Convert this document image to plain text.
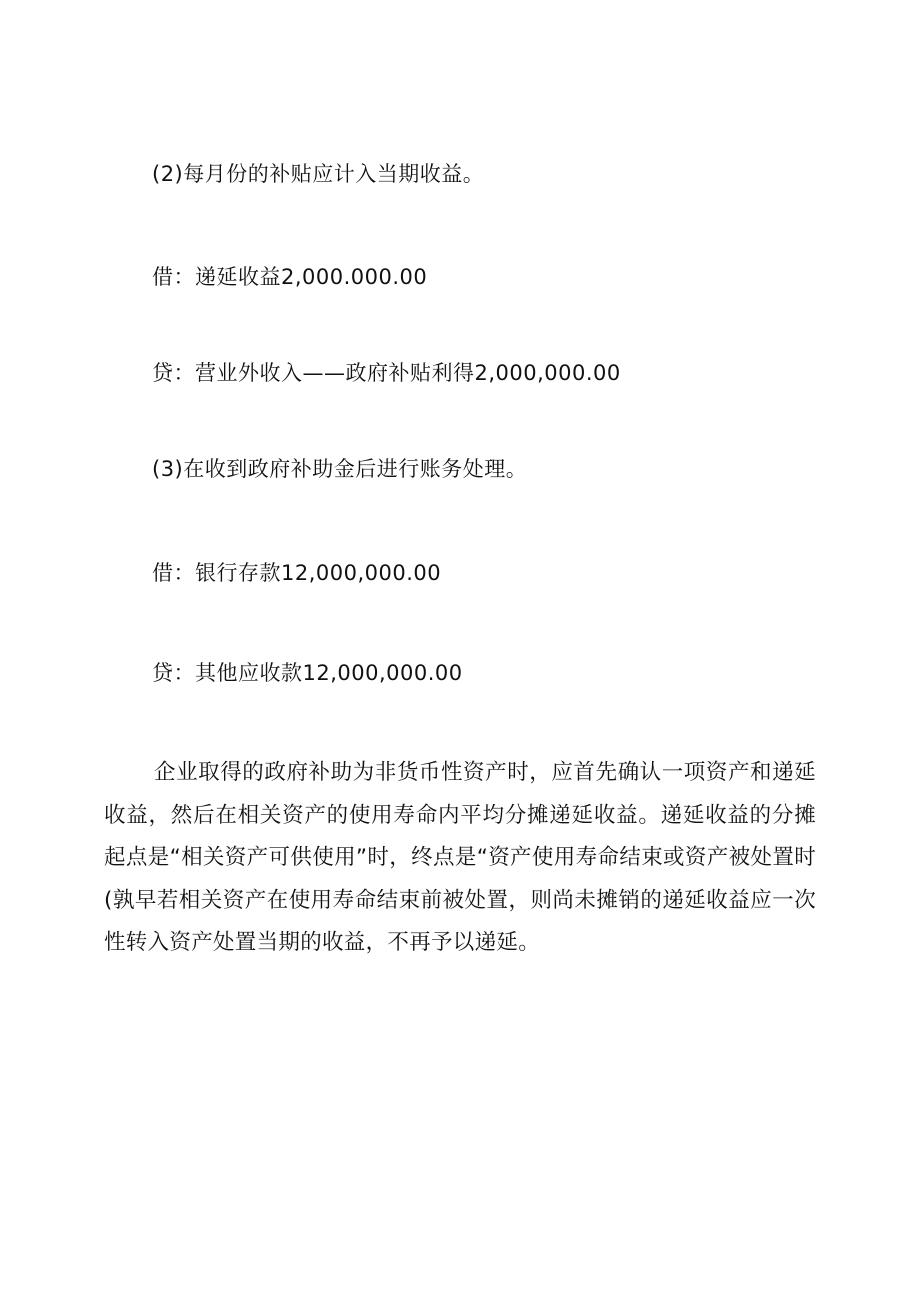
(2)每月份的补贴应计入当期收益。

借：递延收益2,000.000.00

贷：营业外收入——政府补贴利得2,000,000.00

(3)在收到政府补助金后进行账务处理。

借：银行存款12,000,000.00

贷：其他应收款12,000,000.00

企业取得的政府补助为非货币性资产时，应首先确认一项资产和递延收益，然后在相关资产的使用寿命内平均分摊递延收益。递延收益的分摊起点是“相关资产可供使用”时，终点是“资产使用寿命结束或资产被处置时(孰早若相关资产在使用寿命结束前被处置，则尚未摊销的递延收益应一次性转入资产处置当期的收益，不再予以递延。
